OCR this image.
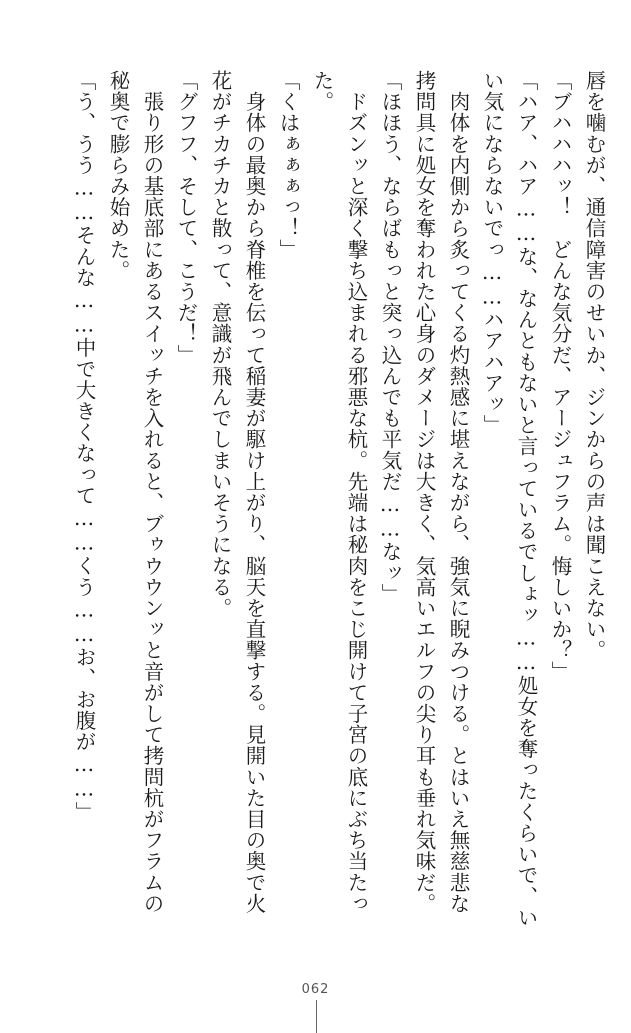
唇を噛むが、通信障害のせいか、ジンからの声は聞こえない。
「ブハハハッ！　どんな気分だ、アージュフラム。悔しいか？」
「ハア、ハア……な、なんともないと言っているでしょッ……処女を奪ったくらいで、い
い気にならないでっ……ハアハアッ」
　肉体を内側から炙ってくる灼熱感に堪えながら、強気に睨みつける。とはいえ無慈悲な
拷問具に処女を奪われた心身のダメージは大きく、気高いエルフの尖り耳も垂れ気味だ。
「ほほう、ならばもっと突っ込んでも平気だ……なッ」
　ドズンッと深く撃ち込まれる邪悪な杭。先端は秘肉をこじ開けて子宮の底にぶち当たっ
た。
「くはぁぁぁっ！」
　身体の最奥から脊椎を伝って稲妻が駆け上がり、脳天を直撃する。見開いた目の奥で火
花がチカチカと散って、意識が飛んでしまいそうになる。
「グフフ、そして、こうだ！」
　張り形の基底部にあるスイッチを入れると、ブゥウウンッと音がして拷問杭がフラムの
秘奥で膨らみ始めた。
「う、うう……そんな……中で大きくなって……くう……お、お腹が……」
062
